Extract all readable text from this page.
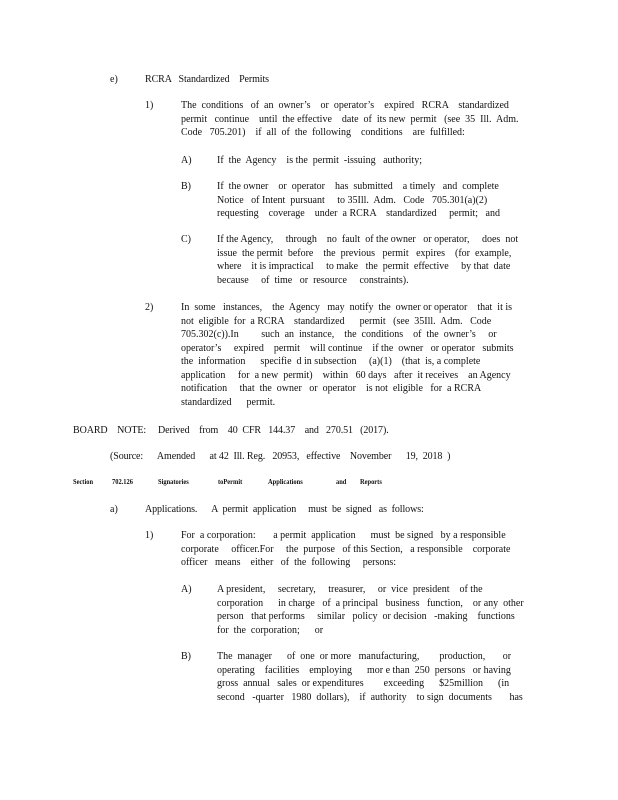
e)	RCRA   Standardized    Permits
1)	The  conditions   of  an  owner’s    or  operator’s    expired   RCRA    standardized
permit   continue    until  the effective    date  of  its new  permit   (see  35  Ill.  Adm.
Code   705.201)    if  all  of  the  following    conditions    are  fulfilled:
A)	If  the  Agency    is the  permit  -issuing   authority;
B)	If  the owner    or  operator    has  submitted    a timely   and  complete
Notice   of Intent  pursuant     to 35Ill.  Adm.   Code   705.301(a)(2)
requesting    coverage    under  a RCRA    standardized     permit;   and
C)	If the Agency,     through    no  fault  of the owner   or operator,     does  not
issue  the permit  before    the  previous   permit   expires    (for  example,
where    it is impractical     to make   the  permit  effective     by that  date
because     of  time   or  resource     constraints).
2)	In  some   instances,    the  Agency   may  notify  the  owner or operator    that  it is
not  eligible  for  a RCRA    standardized      permit   (see  35Ill.  Adm.   Code
705.302(c)).In         such  an  instance,    the  conditions    of  the  owner’s     or
operator’s     expired    permit    will continue    if the  owner   or operator   submits
the  information      specifie  d in subsection     (a)(1)    (that  is, a complete
application     for  a new  permit)    within   60 days   after  it receives    an Agency
notification     that  the  owner   or  operator    is not  eligible   for  a RCRA
standardized      permit.
BOARD    NOTE:     Derived    from    40  CFR   144.37    and   270.51   (2017).
(Source:      Amended      at 42  Ill. Reg.   20953,   effective    November      19,  2018  )
Section	702.126	Signatories	toPermit	Applications	and Reports
a)	Applications.      A  permit  application     must  be  signed   as  follows:
1)	For  a corporation:       a permit  application      must  be signed   by a responsible
corporate     officer.For     the  purpose   of this Section,   a responsible    corporate
officer   means    either   of  the  following     persons:
A)	A president,     secretary,     treasurer,     or  vice  president    of the
corporation      in charge   of  a principal   business   function,    or any  other
person   that performs     similar   policy  or decision   -making    functions
for  the  corporation;      or
B)	The  manager      of  one  or more   manufacturing,        production,       or
operating    facilities    employing      mor e than  250  persons   or having
gross  annual   sales  or expenditures        exceeding      $25million      (in
second   -quarter   1980  dollars),    if  authority    to sign  documents       has
